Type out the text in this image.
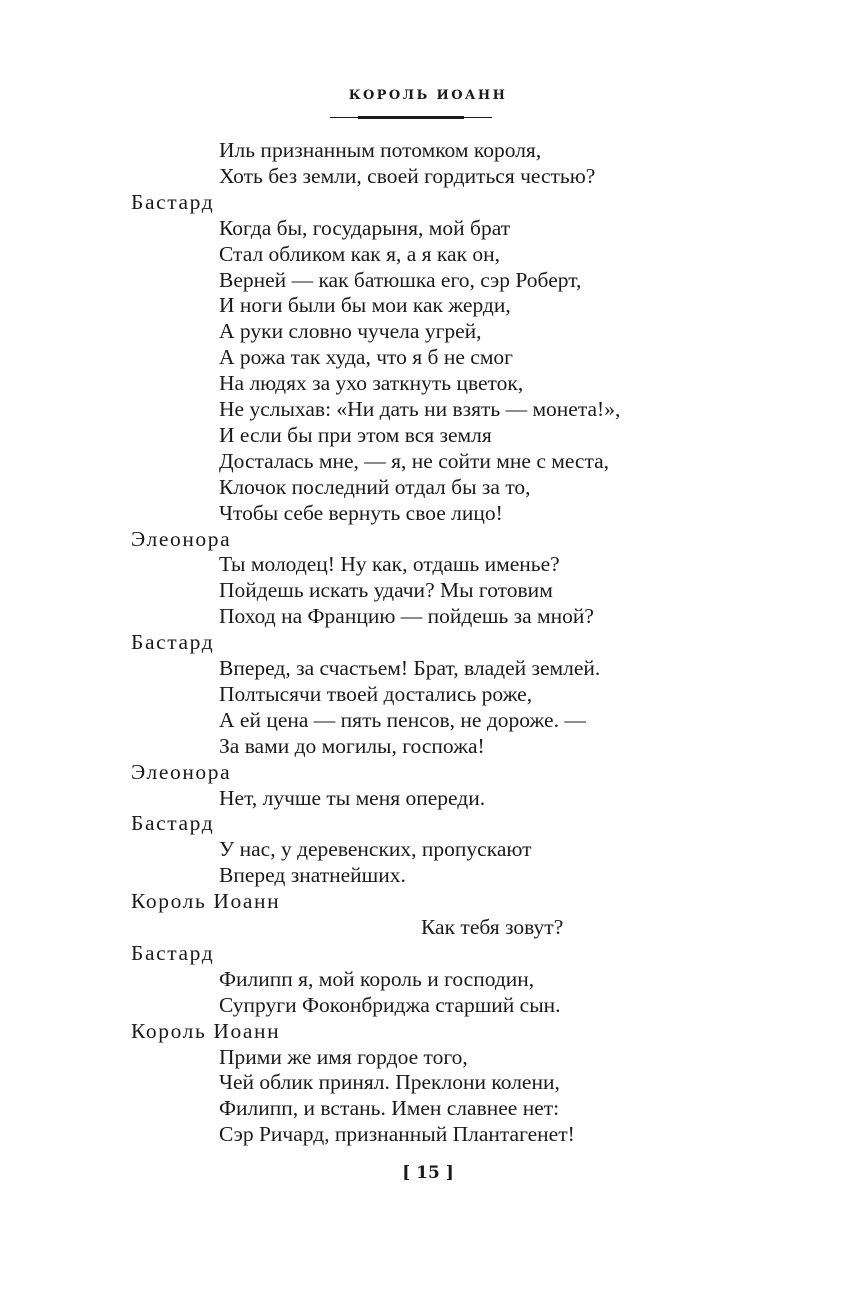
КОРОЛЬ ИОАНН
Иль признанным потомком короля,
Хоть без земли, своей гордиться честью?
Бастард
Когда бы, государыня, мой брат
Стал обликом как я, а я как он,
Верней — как батюшка его, сэр Роберт,
И ноги были бы мои как жерди,
А руки словно чучела угрей,
А рожа так худа, что я б не смог
На людях за ухо заткнуть цветок,
Не услыхав: «Ни дать ни взять — монета!»,
И если бы при этом вся земля
Досталась мне, — я, не сойти мне с места,
Клочок последний отдал бы за то,
Чтобы себе вернуть свое лицо!
Элеонора
Ты молодец! Ну как, отдашь именье?
Пойдешь искать удачи? Мы готовим
Поход на Францию — пойдешь за мной?
Бастард
Вперед, за счастьем! Брат, владей землей.
Полтысячи твоей достались роже,
А ей цена — пять пенсов, не дороже. —
За вами до могилы, госпожа!
Элеонора
Нет, лучше ты меня опереди.
Бастард
У нас, у деревенских, пропускают
Вперед знатнейших.
Король Иоанн
Как тебя зовут?
Бастард
Филипп я, мой король и господин,
Супруги Фоконбриджа старший сын.
Король Иоанн
Прими же имя гордое того,
Чей облик принял. Преклони колени,
Филипп, и встань. Имен славнее нет:
Сэр Ричард, признанный Плантагенет!
[ 15 ]
